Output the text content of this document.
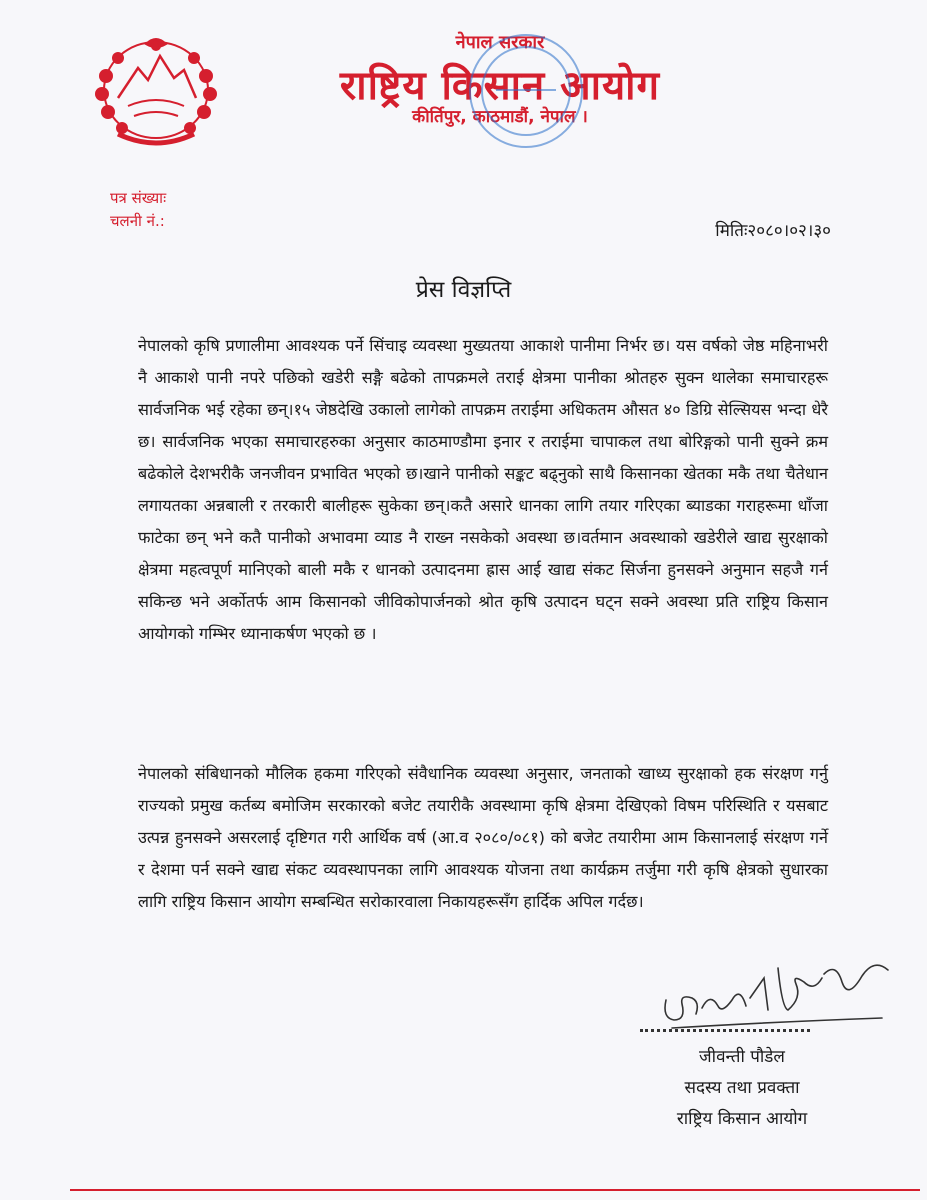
नेपाल सरकार
राष्ट्रिय किसान आयोग
कीर्तिपुर, काठमाडौं, नेपाल ।
पत्र संख्याः
चलनी नं.:	मितिः२०८०।०२।३०
प्रेस विज्ञप्ति
नेपालको कृषि प्रणालीमा आवश्यक पर्ने सिंचाइ व्यवस्था मुख्यतया आकाशे पानीमा निर्भर छ। यस वर्षको जेष्ठ महिनाभरी नै आकाशे पानी नपरे पछिको खडेरी सङ्गै बढेको तापक्रमले तराई क्षेत्रमा पानीका श्रोतहरु सुक्न थालेका समाचारहरू सार्वजनिक भई रहेका छन्।१५ जेष्ठदेखि उकालो लागेको तापक्रम तराईमा अधिकतम औसत ४० डिग्रि सेल्सियस भन्दा धेरै छ। सार्वजनिक भएका समाचारहरुका अनुसार काठमाण्डौमा इनार र तराईमा चापाकल तथा बोरिङ्गको पानी सुक्ने क्रम बढेकोले देशभरीकै जनजीवन प्रभावित भएको छ।खाने पानीको सङ्कट बढ्नुको साथै किसानका खेतका मकै तथा चैतेधान लगायतका अन्नबाली र तरकारी बालीहरू सुकेका छन्।कतै असारे धानका लागि तयार गरिएका ब्याडका गराहरूमा धाँजा फाटेका छन् भने कतै पानीको अभावमा व्याड नै राख्न नसकेको अवस्था छ।वर्तमान अवस्थाको खडेरीले खाद्य सुरक्षाको क्षेत्रमा महत्वपूर्ण मानिएको बाली मकै र धानको उत्पादनमा ह्रास आई खाद्य संकट सिर्जना हुनसक्ने अनुमान सहजै गर्न सकिन्छ भने अर्कोतर्फ आम किसानको जीविकोपार्जनको श्रोत कृषि उत्पादन घट्न सक्ने अवस्था प्रति राष्ट्रिय किसान आयोगको गम्भिर ध्यानाकर्षण भएको छ ।
नेपालको संबिधानको मौलिक हकमा गरिएको संवैधानिक व्यवस्था अनुसार, जनताको खाध्य सुरक्षाको हक संरक्षण गर्नु राज्यको प्रमुख कर्तब्य बमोजिम सरकारको बजेट तयारीकै अवस्थामा कृषि क्षेत्रमा देखिएको विषम परिस्थिति र यसबाट उत्पन्न हुनसक्ने असरलाई दृष्टिगत गरी आर्थिक वर्ष (आ.व २०८०/०८१) को बजेट तयारीमा आम किसानलाई संरक्षण गर्ने र देशमा पर्न सक्ने खाद्य संकट व्यवस्थापनका लागि आवश्यक योजना तथा कार्यक्रम तर्जुमा गरी कृषि क्षेत्रको सुधारका लागि राष्ट्रिय किसान आयोग सम्बन्धित सरोकारवाला निकायहरूसँग हार्दिक अपिल गर्दछ।
जीवन्ती पौडेल
सदस्य तथा प्रवक्ता
राष्ट्रिय किसान आयोग
